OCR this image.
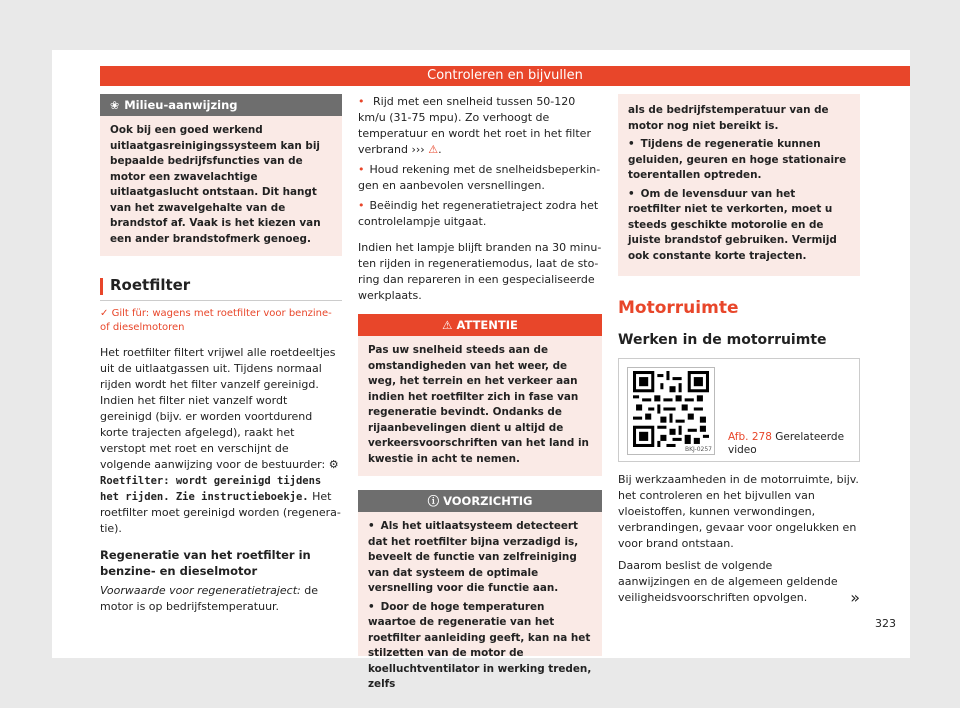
Controleren en bijvullen
❀ Milieu-aanwijzing
Ook bij een goed werkend uitlaatgasreinigingssysteem kan bij bepaalde bedrijfsfuncties van de motor een zwavelachtige uitlaatgaslucht ontstaan. Dit hangt van het zwavelgehalte van de brandstof af. Vaak is het kiezen van een ander brandstofmerk genoeg.
Roetfilter
✓ Gilt für: wagens met roetfilter voor benzine- of dieselmotoren

Het roetfilter filtert vrijwel alle roetdeeltjes uit de uitlaatgassen uit. Tijdens normaal rijden wordt het filter vanzelf gereinigd. Indien het filter niet vanzelf wordt gereinigd (bijv. er worden voortdurend korte trajecten afgelegd), raakt het verstopt met roet en verschijnt de volgende aanwijzing voor de bestuurder: ⚙ Roetfilter: wordt gereinigd tijdens het rijden. Zie instructieboekje. Het roetfilter moet gereinigd worden (regeneratie).

Regeneratie van het roetfilter in benzine- en dieselmotor

Voorwaarde voor regeneratietraject: de motor is op bedrijfstemperatuur.

• Rijd met een snelheid tussen 50-120 km/u (31-75 mpu). Zo verhoogt de temperatuur en wordt het roet in het filter verbrand ››› ⚠.

• Houd rekening met de snelheidsbeperkingen en aanbevolen versnellingen.

• Beëindig het regeneratietraject zodra het controlelampje uitgaat.

Indien het lampje blijft branden na 30 minuten rijden in regeneratiemodus, laat de storing dan repareren in een gespecialiseerde werkplaats.

⚠ ATTENTIE
Pas uw snelheid steeds aan de omstandigheden van het weer, de weg, het terrein en het verkeer aan indien het roetfilter zich in fase van regeneratie bevindt. Ondanks de rijaanbevelingen dient u altijd de verkeersvoorschriften van het land in kwestie in acht te nemen.
ⓘ VOORZICHTIG
• Als het uitlaatsysteem detecteert dat het roetfilter bijna verzadigd is, beveelt de functie van zelfreiniging van dat systeem de optimale versnelling voor die functie aan.
• Door de hoge temperaturen waartoe de regeneratie van het roetfilter aanleiding geeft, kan na het stilzetten van de motor de koelluchtventilator in werking treden, zelfs
als de bedrijfstemperatuur van de motor nog niet bereikt is.
• Tijdens de regeneratie kunnen geluiden, geuren en hoge stationaire toerentallen optreden.
• Om de levensduur van het roetfilter niet te verkorten, moet u steeds geschikte motorolie en de juiste brandstof gebruiken. Vermijd ook constante korte trajecten.
Motorruimte
Werken in de motorruimte
BKJ-0257
Afb. 278 Gerelateerde video

Bij werkzaamheden in de motorruimte, bijv. het controleren en het bijvullen van vloeistoffen, kunnen verwondingen, verbrandingen, gevaar voor ongelukken en voor brand ontstaan.

Daarom beslist de volgende aanwijzingen en de algemeen geldende veiligheidsvoorschriften opvolgen.	»

323
